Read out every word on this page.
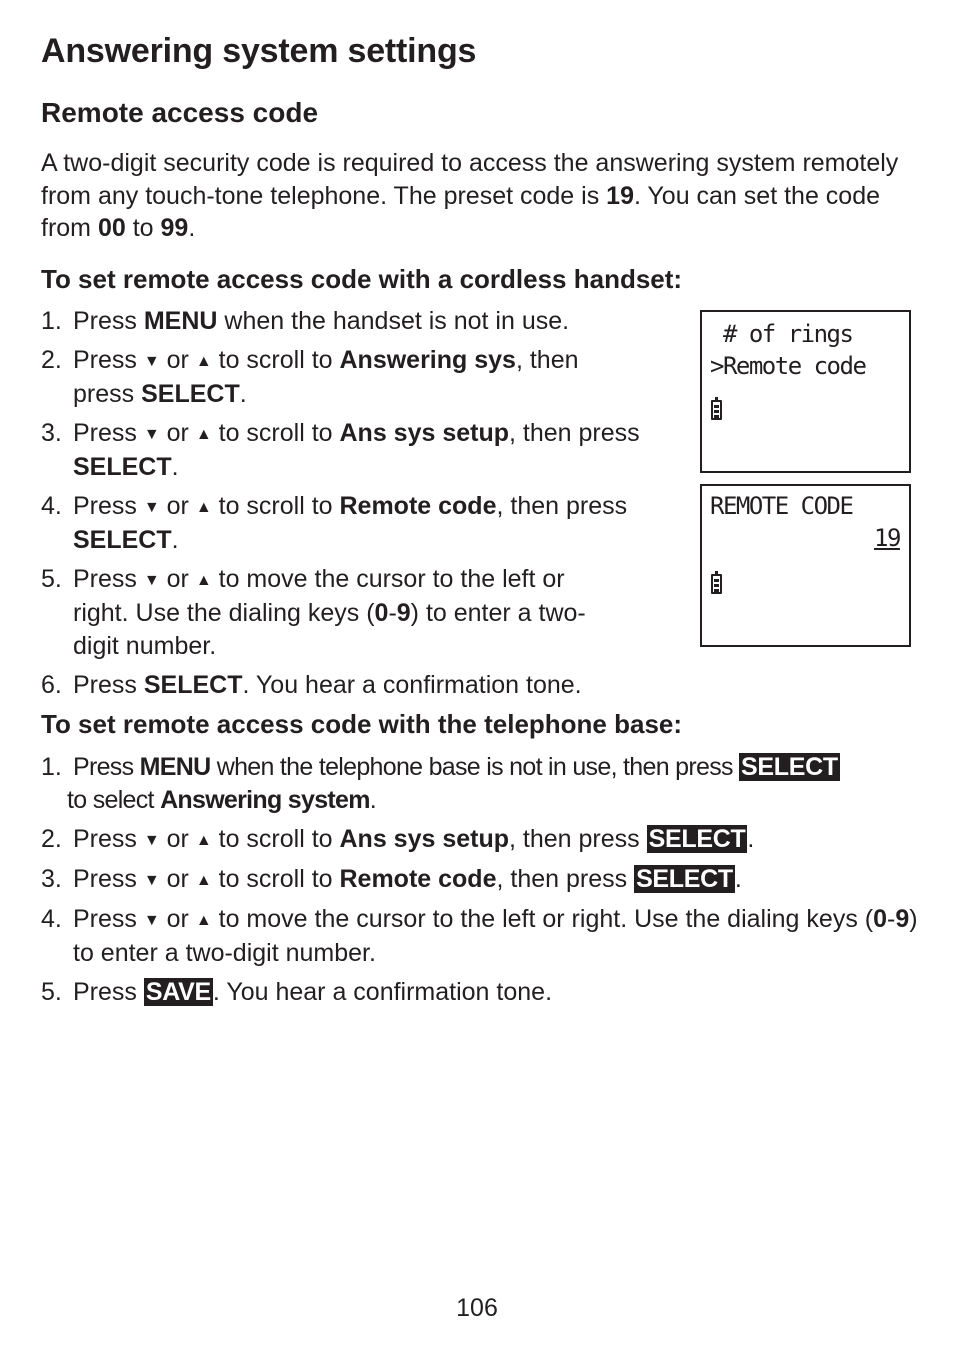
Answering system settings
Remote access code

A two-digit security code is required to access the answering system remotely from any touch-tone telephone. The preset code is 19. You can set the code from 00 to 99.

To set remote access code with a cordless handset:
1. Press MENU when the handset is not in use.
2. Press ▼ or ▲ to scroll to Answering sys, then press SELECT.
3. Press ▼ or ▲ to scroll to Ans sys setup, then press SELECT.
4. Press ▼ or ▲ to scroll to Remote code, then press SELECT.
5. Press ▼ or ▲ to move the cursor to the left or right. Use the dialing keys (0-9) to enter a two-digit number.
6. Press SELECT. You hear a confirmation tone.
# of rings
>Remote code
REMOTE CODE
19
To set remote access code with the telephone base:
1. Press MENU when the telephone base is not in use, then press SELECT
to select Answering system.
2. Press ▼ or ▲ to scroll to Ans sys setup, then press SELECT.
3. Press ▼ or ▲ to scroll to Remote code, then press SELECT.
4. Press ▼ or ▲ to move the cursor to the left or right. Use the dialing keys (0-9) to enter a two-digit number.
5. Press SAVE. You hear a confirmation tone.
106
